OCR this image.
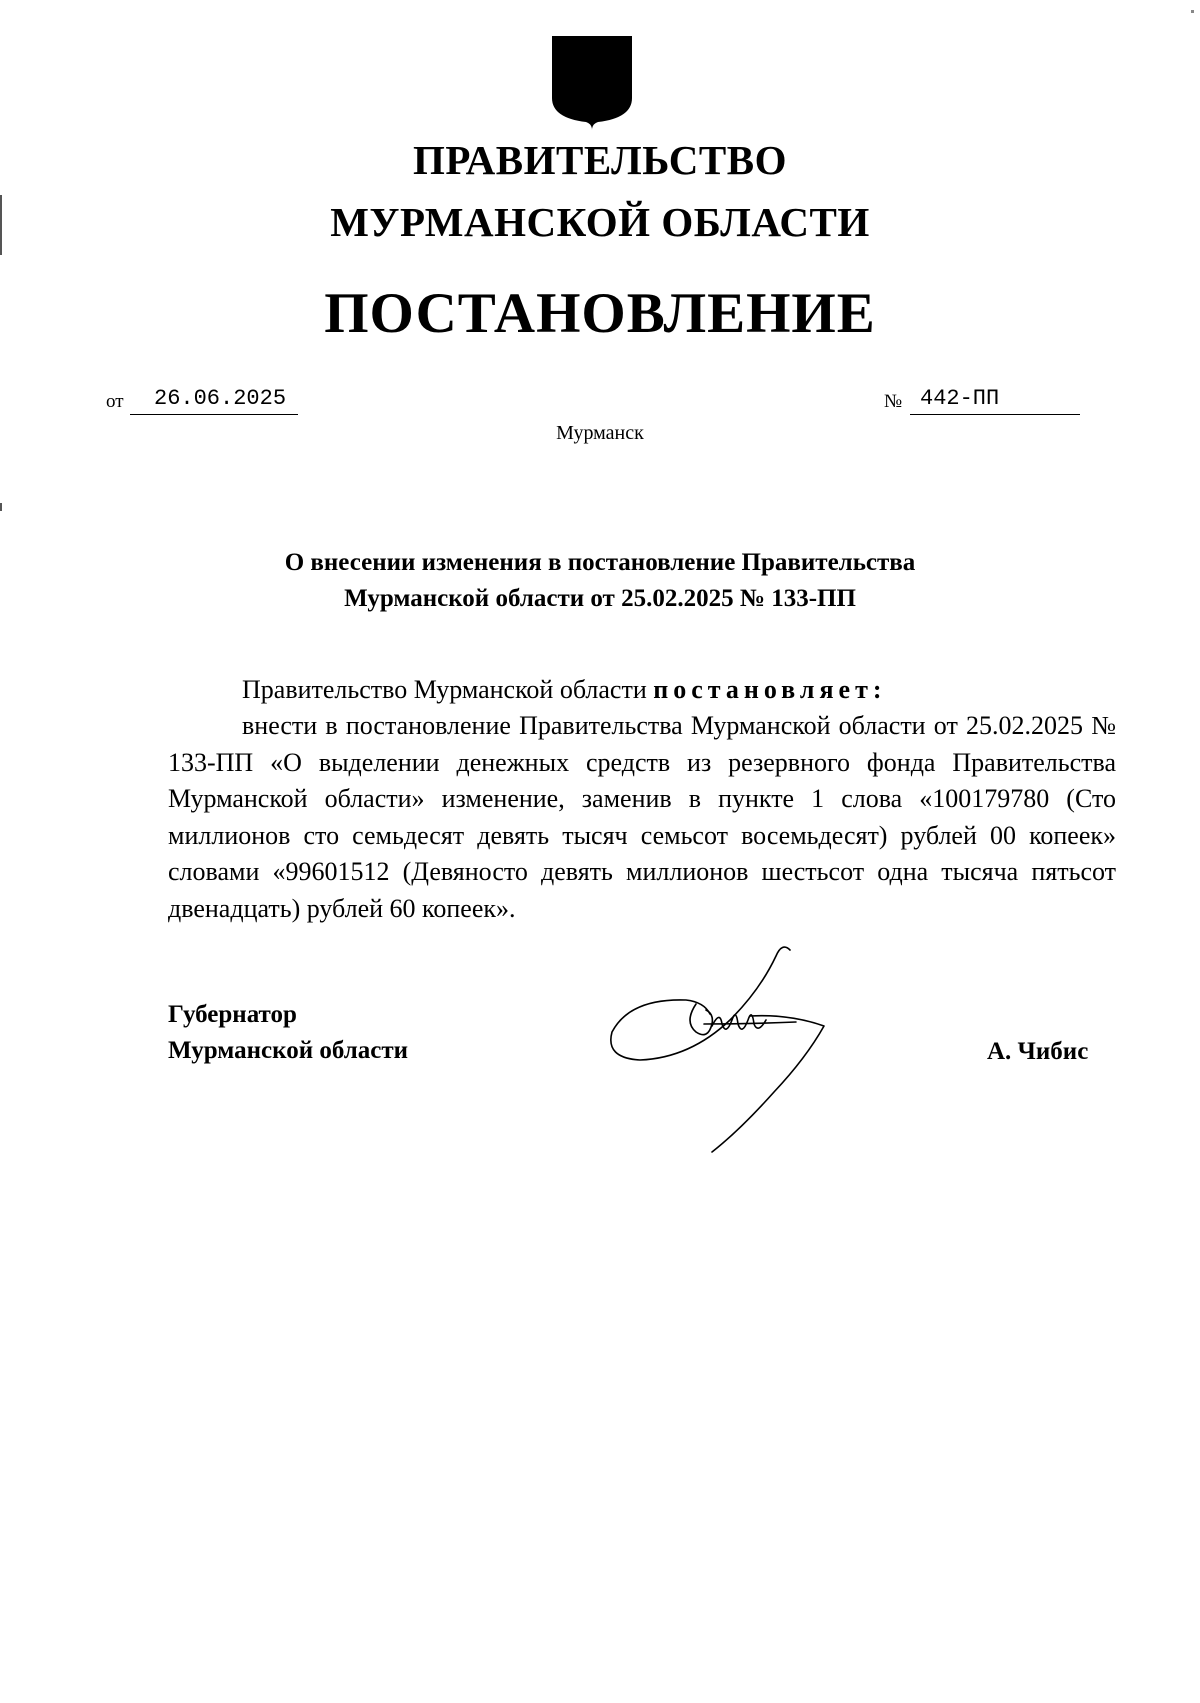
ПРАВИТЕЛЬСТВО
МУРМАНСКОЙ ОБЛАСТИ
ПОСТАНОВЛЕНИЕ
от 26.06.2025	№ 442-ПП
Мурманск
О внесении изменения в постановление Правительства
Мурманской области от 25.02.2025 № 133-ПП
Правительство Мурманской области постановляет:
внести в постановление Правительства Мурманской области от 25.02.2025 № 133-ПП «О выделении денежных средств из резервного фонда Правительства Мурманской области» изменение, заменив в пункте 1 слова «100179780 (Сто миллионов сто семьдесят девять тысяч семьсот восемьдесят) рублей 00 копеек» словами «99601512 (Девяносто девять миллионов шестьсот одна тысяча пятьсот двенадцать) рублей 60 копеек».
Губернатор
Мурманской области	А. Чибис
